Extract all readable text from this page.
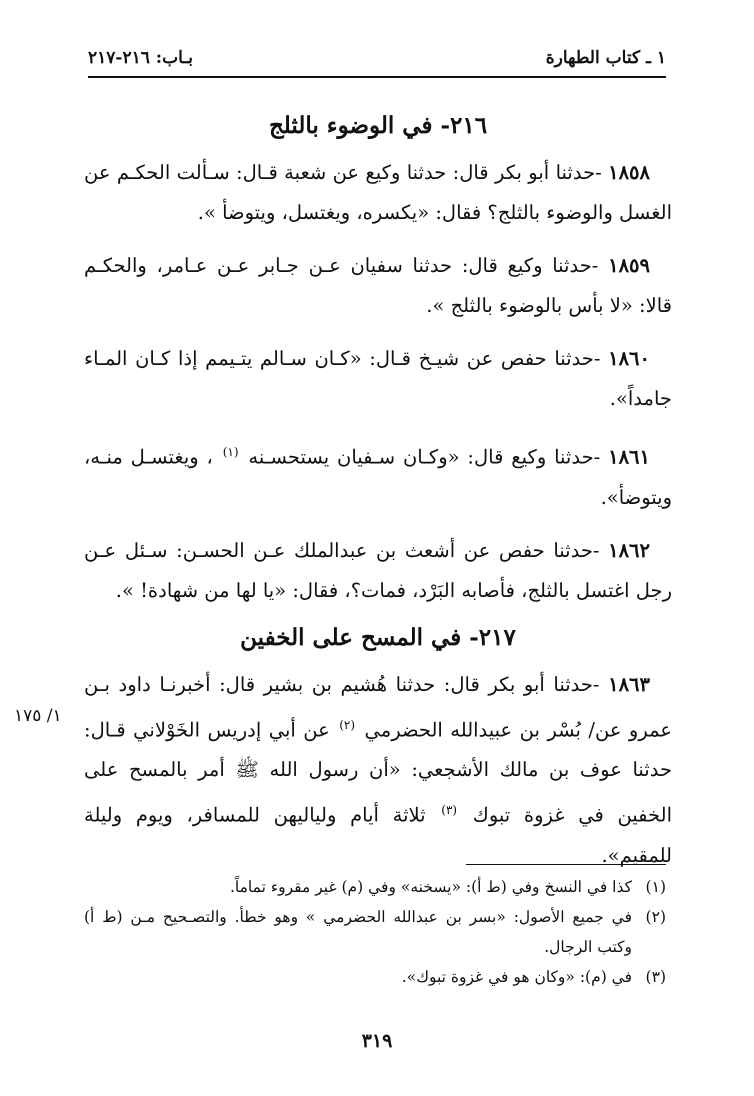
١ ـ كتاب الطهارة
بـاب: ٢١٦-٢١٧
٢١٦- في الوضوء بالثلج

١٨٥٨ -حدثنا أبو بكر قال: حدثنا وكيع عن شعبة قـال: سـألت الحكـم عن الغسل والوضوء بالثلج؟ فقال: «يكسره، ويغتسل، ويتوضأ ».

١٨٥٩ -حدثنا وكيع قال: حدثنا سفيان عـن جـابر عـن عـامر، والحكـم قالا: «لا بأس بالوضوء بالثلج ».

١٨٦٠ -حدثنا حفص عن شيـخ قـال: «كـان سـالم يتـيمم إذا كـان المـاء جامداً».

١٨٦١ -حدثنا وكيع قال: «وكـان سـفيان يستحسـنه $^{(١)}$ ، ويغتسـل منـه، ويتوضأ».

١٨٦٢ -حدثنا حفص عن أشعث بن عبدالملك عـن الحسـن: سـئل عـن رجل اغتسل بالثلج، فأصابه البَرْد، فمات؟، فقال: «يا لها من شهادة! ».

٢١٧- في المسح على الخفين

١٨٦٣ -حدثنا أبو بكر قال: حدثنا هُشيم بن بشير قال: أخبرنـا داود بـن عمرو عن/ بُسْر بن عبيدالله الحضرمي $^{(٢)}$ عن أبي إدريس الخَوْلاني قـال: حدثنا عوف بن مالك الأشجعي: «أن رسول الله ﷺ أمر بالمسح على الخفين في غزوة تبوك $^{(٣)}$ ثلاثة أيام ولياليهن للمسافر، ويوم وليلة للمقيم».

١/ ١٧٥
(١)
كذا في النسخ وفي (ط أ): «يسخنه» وفي (م) غير مقروء تماماً.
(٢)
في جميع الأصول: «بسر بن عبدالله الحضرمي » وهو خطأ. والتصـحيح مـن (ط أ) وكتب الرجال.
(٣)
في (م): «وكان هو في غزوة تبوك».
٣١٩
